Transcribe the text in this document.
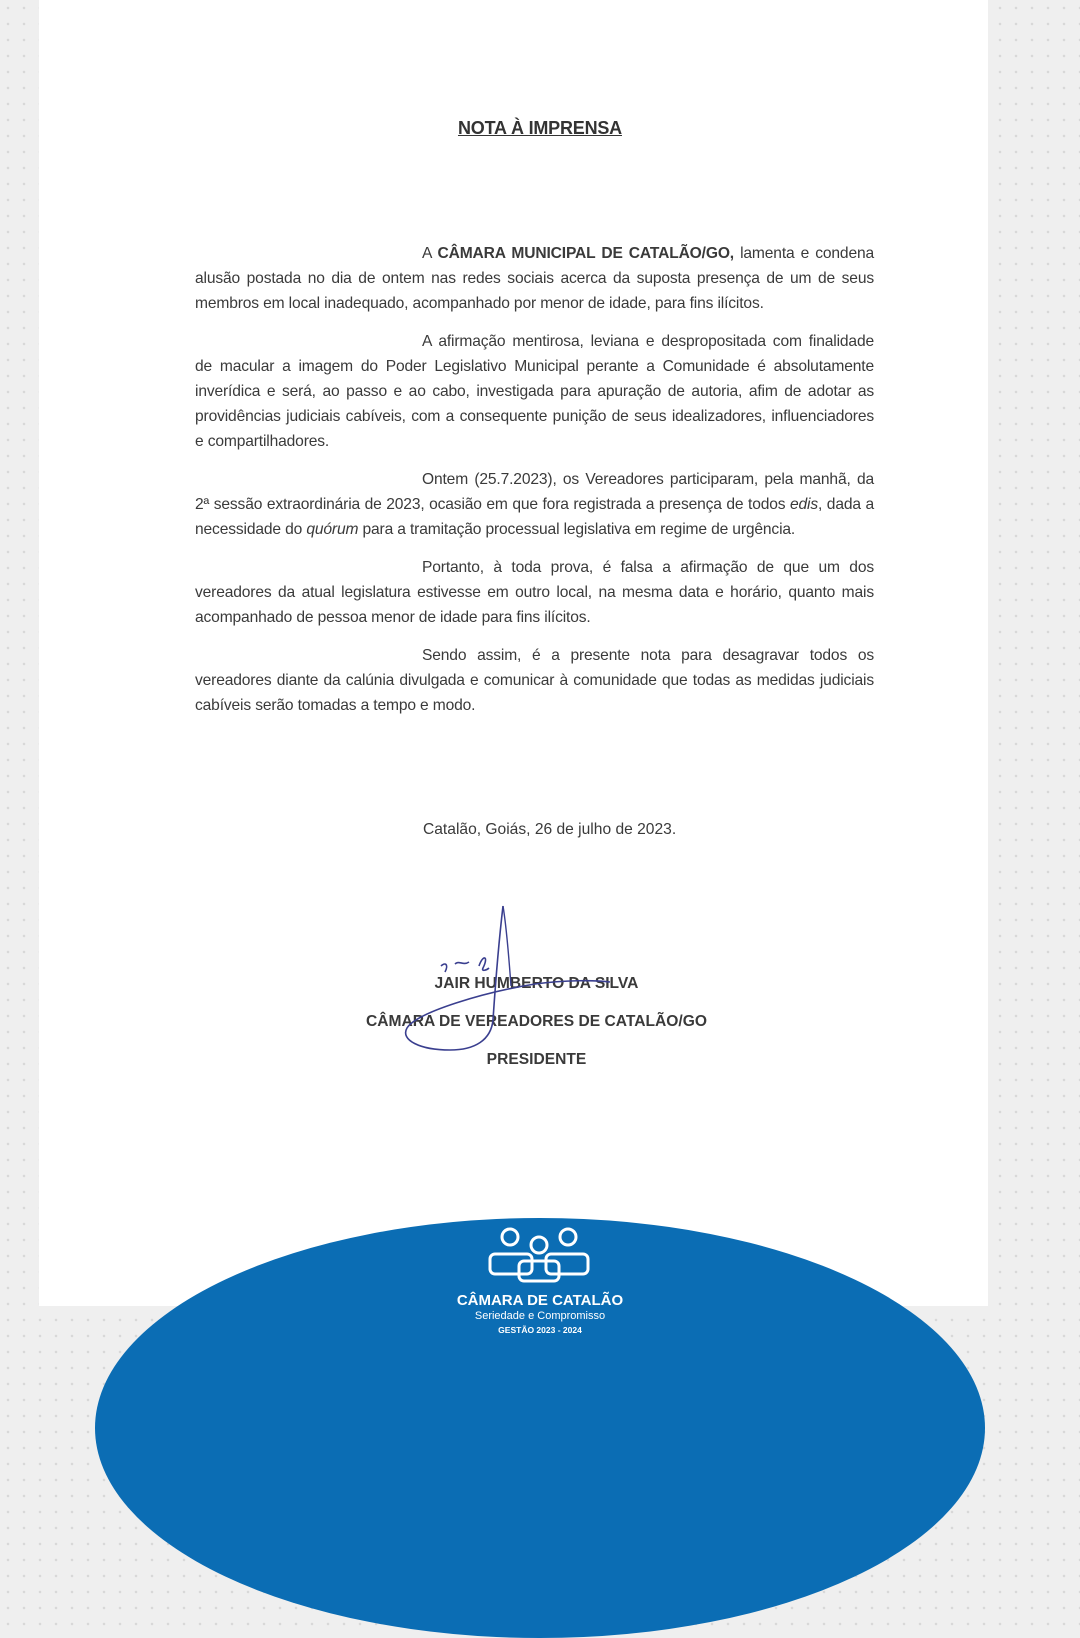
NOTA À IMPRENSA

A CÂMARA MUNICIPAL DE CATALÃO/GO, lamenta e condena alusão postada no dia de ontem nas redes sociais acerca da suposta presença de um de seus membros em local inadequado, acompanhado por menor de idade, para fins ilícitos.

A afirmação mentirosa, leviana e despropositada com finalidade de macular a imagem do Poder Legislativo Municipal perante a Comunidade é absolutamente inverídica e será, ao passo e ao cabo, investigada para apuração de autoria, afim de adotar as providências judiciais cabíveis, com a consequente punição de seus idealizadores, influenciadores e compartilhadores.

Ontem (25.7.2023), os Vereadores participaram, pela manhã, da 2ª sessão extraordinária de 2023, ocasião em que fora registrada a presença de todos edis, dada a necessidade do quórum para a tramitação processual legislativa em regime de urgência.

Portanto, à toda prova, é falsa a afirmação de que um dos vereadores da atual legislatura estivesse em outro local, na mesma data e horário, quanto mais acompanhado de pessoa menor de idade para fins ilícitos.

Sendo assim, é a presente nota para desagravar todos os vereadores diante da calúnia divulgada e comunicar à comunidade que todas as medidas judiciais cabíveis serão tomadas a tempo e modo.

Catalão, Goiás, 26 de julho de 2023.
JAIR HUMBERTO DA SILVA
CÂMARA DE VEREADORES DE CATALÃO/GO
PRESIDENTE
CÂMARA DE CATALÃO
Seriedade e Compromisso
GESTÃO 2023 - 2024
